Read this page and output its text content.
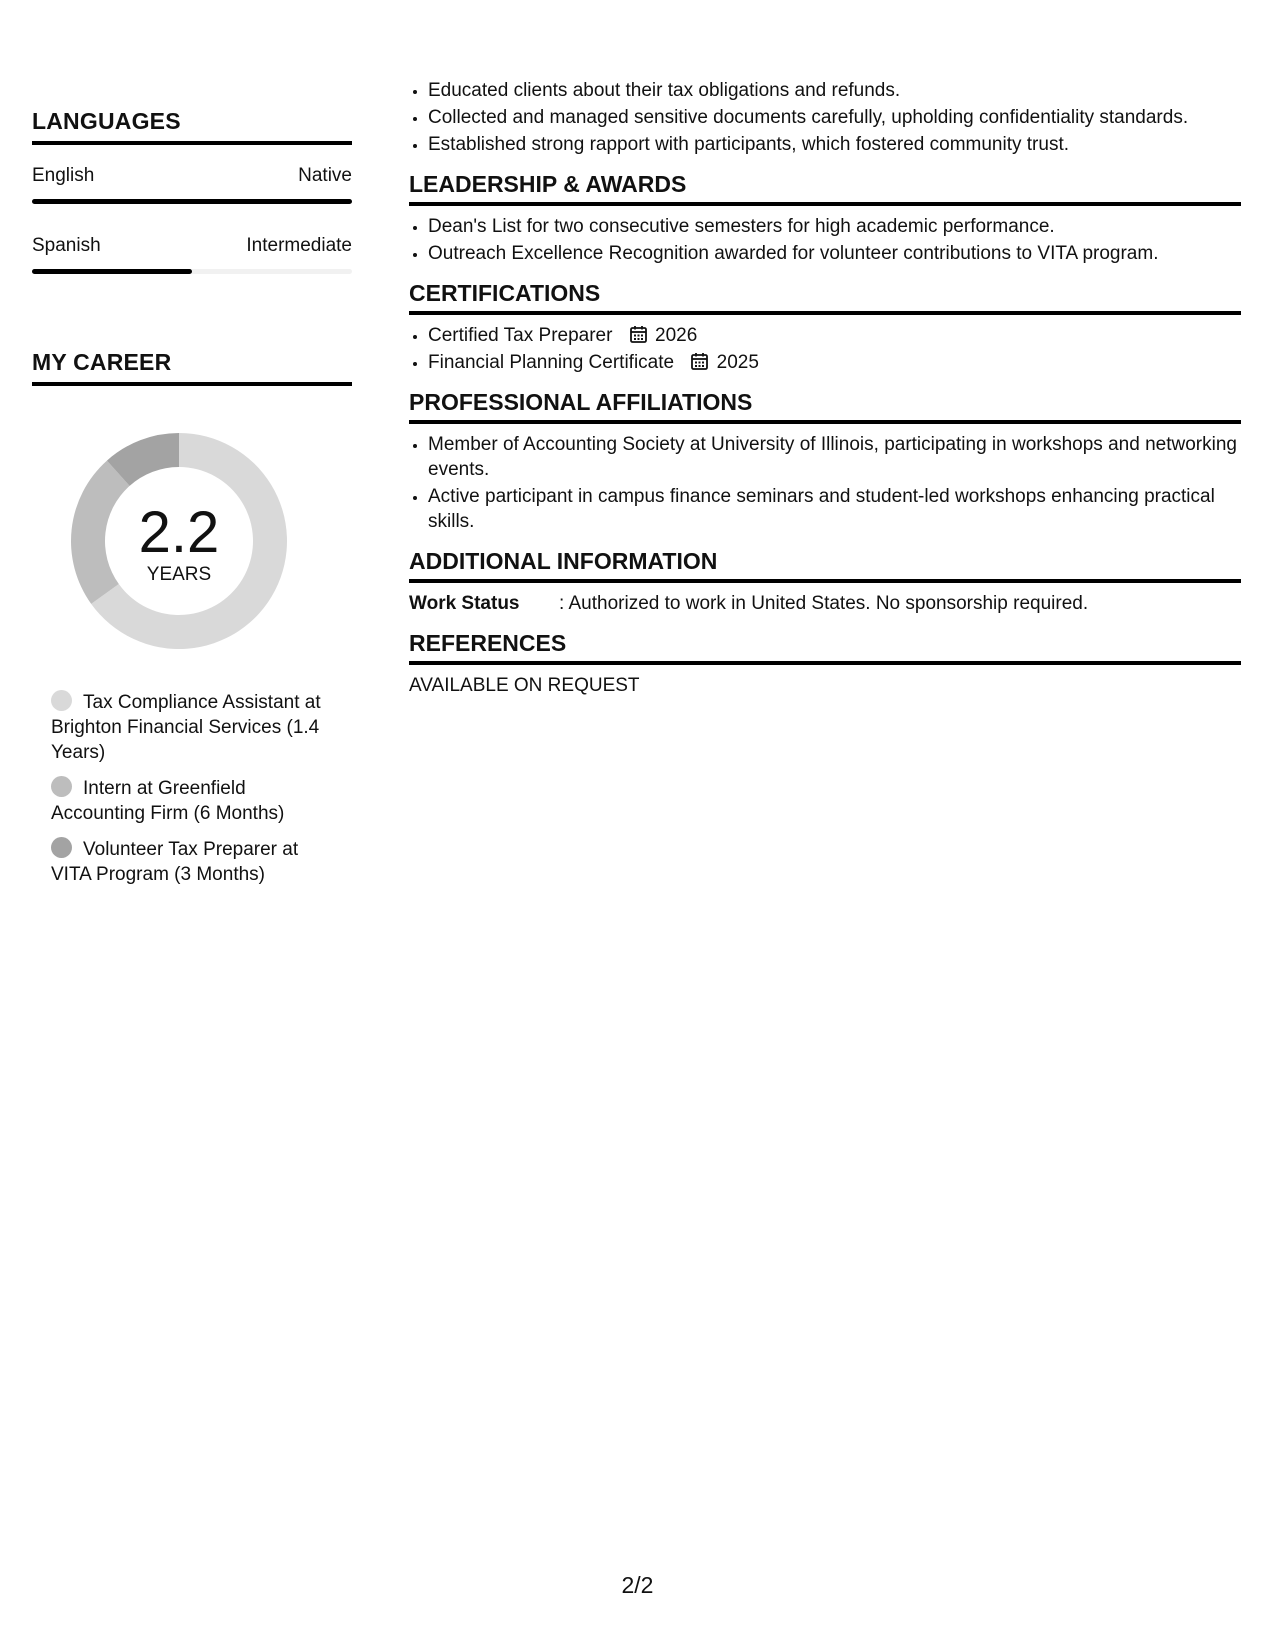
LANGUAGES
English	Native
Spanish	Intermediate
MY CAREER
2.2
YEARS
Tax Compliance Assistant at Brighton Financial Services (1.4 Years)
Intern at Greenfield Accounting Firm (6 Months)
Volunteer Tax Preparer at VITA Program (3 Months)
• Educated clients about their tax obligations and refunds.
• Collected and managed sensitive documents carefully, upholding confidentiality standards.
• Established strong rapport with participants, which fostered community trust.
LEADERSHIP & AWARDS
• Dean's List for two consecutive semesters for high academic performance.
• Outreach Excellence Recognition awarded for volunteer contributions to VITA program.
CERTIFICATIONS
• Certified Tax Preparer 2026
• Financial Planning Certificate 2025
PROFESSIONAL AFFILIATIONS
• Member of Accounting Society at University of Illinois, participating in workshops and networking events.
• Active participant in campus finance seminars and student-led workshops enhancing practical skills.
ADDITIONAL INFORMATION
Work Status : Authorized to work in United States. No sponsorship required.
REFERENCES
AVAILABLE ON REQUEST
2/2
